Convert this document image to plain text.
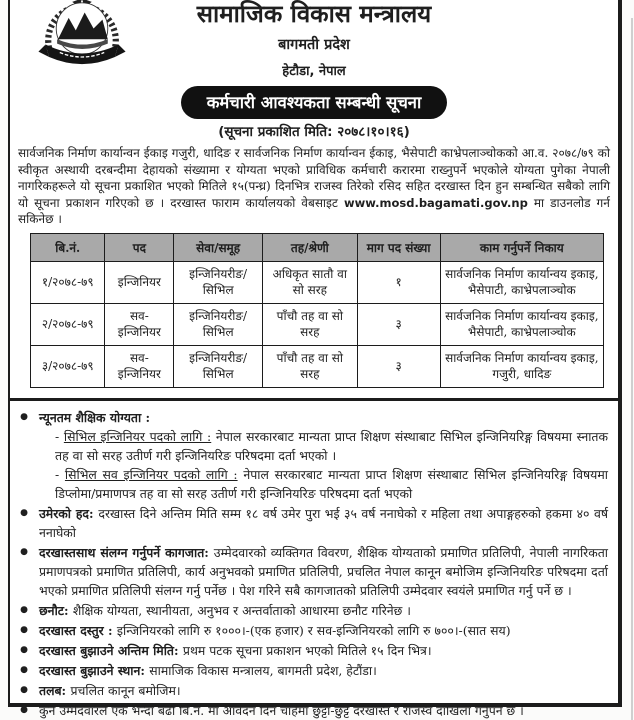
सामाजिक विकास मन्त्रालय
बागमती प्रदेश
हेटौडा, नेपाल
कर्मचारी आवश्यकता सम्बन्धी सूचना
(सूचना प्रकाशित मिति: २०७८।१०।१६)

सार्वजनिक निर्माण कार्यान्वन ईकाइ गजुरी, धादिङ र सार्वजनिक निर्माण कार्यान्वन ईकाइ, भैसेपाटी काभ्रेपलाञ्चोकको आ.व. २०७८/७९ को स्वीकृत अस्थायी दरबन्दीमा देहायको संख्यामा र योग्यता भएको प्राविधिक कर्मचारी करारमा राख्नुपर्ने भएकोले योग्यता पुगेका नेपाली नागरिकहरूले यो सूचना प्रकाशित भएको मितिले १५(पन्ध्र) दिनभित्र राजस्व तिरेको रसिद सहित दरखास्त दिन हुन सम्बन्धित सबैको लागि यो सूचना प्रकाशन गरिएको छ । दरखास्त फाराम कार्यालयको वेबसाइट www.mosd.bagamati.gov.np मा डाउनलोड गर्न सकिनेछ ।

बि.नं.	पद	सेवा/समूह	तह/श्रेणी	माग पद संख्या	काम गर्नुपर्ने निकाय
१/२०७८-७९	इन्जिनियर	इन्जिनियरीङ/सिभिल	अधिकृत सातौ वा सो सरह	१	सार्वजनिक निर्माण कार्यान्वय इकाइ, भैसेपाटी, काभ्रेपलाञ्चोक
२/२०७८-७९	सव-इन्जिनियर	इन्जिनियरीङ/सिभिल	पाँचौ तह वा सो सरह	३	सार्वजनिक निर्माण कार्यान्वय इकाइ, भैसेपाटी, काभ्रेपलाञ्चोक
३/२०७८-७९	सव-इन्जिनियर	इन्जिनियरीङ/सिभिल	पाँचौ तह वा सो सरह	३	सार्वजनिक निर्माण कार्यान्वय इकाइ, गजुरी, धादिङ
● न्यूनतम शैक्षिक योग्यता :
- सिभिल इन्जिनियर पदको लागि : नेपाल सरकारबाट मान्यता प्राप्त शिक्षण संस्थाबाट सिभिल इन्जिनियरिङ्ग विषयमा स्नातक तह वा सो सरह उतीर्ण गरी इन्जिनियरिङ परिषदमा दर्ता भएको ।
- सिभिल सव इन्जिनियर पदको लागि : नेपाल सरकारबाट मान्यता प्राप्त शिक्षण संस्थाबाट सिभिल इन्जिनियरिङ्ग विषयमा डिप्लोमा/प्रमाणपत्र तह वा सो सरह उतीर्ण गरी इन्जिनियरिङ परिषदमा दर्ता भएको
● उमेरको हद: दरखास्त दिने अन्तिम मिति सम्म १८ वर्ष उमेर पुरा भई ३५ वर्ष ननाघेको र महिला तथा अपाङ्गहरुको हकमा ४० वर्ष ननाघेको
● दरखास्तसाथ संलग्न गर्नुपर्ने कागजात: उम्मेदवारको व्यक्तिगत विवरण, शैक्षिक योग्यताको प्रमाणित प्रतिलिपी, नेपाली नागरिकता प्रमाणपत्रको प्रमाणित प्रतिलिपी, कार्य अनुभवको प्रमाणित प्रतिलिपी, प्रचलित नेपाल कानून बमोजिम इन्जिनियरिङ परिषदमा दर्ता भएको प्रमाणित प्रतिलिपी संलग्न गर्नु पर्नेछ । पेश गरिने सबै कागजातको प्रतिलिपी उम्मेदवार स्वयंले प्रमाणित गर्नु पर्ने छ ।
● छनौट: शैक्षिक योग्यता, स्थानीयता, अनुभव र अन्तर्वाताको आधारमा छनौट गरिनेछ ।
● दरखास्त दस्तुर : इन्जिनियरको लागि रु १०००।-(एक हजार) र सव-इन्जिनियरको लागि रु ७००।-(सात सय)
● दरखास्त बुझाउने अन्तिम मिति: प्रथम पटक सूचना प्रकाशन भएको मितिले १५ दिन भित्र।
● दरखास्त बुझाउने स्थान: सामाजिक विकास मन्त्रालय, बागमती प्रदेश, हेटौंडा।
● तलब: प्रचलित कानून बमोजिम।
● कुनै उम्मेदवारले एक भन्दा बढी बि.नं. मा आवेदन दिन चाहेमा छुट्टा-छुट्टै दरखास्त र राजस्व दाखिला गर्नुपर्ने छ ।
